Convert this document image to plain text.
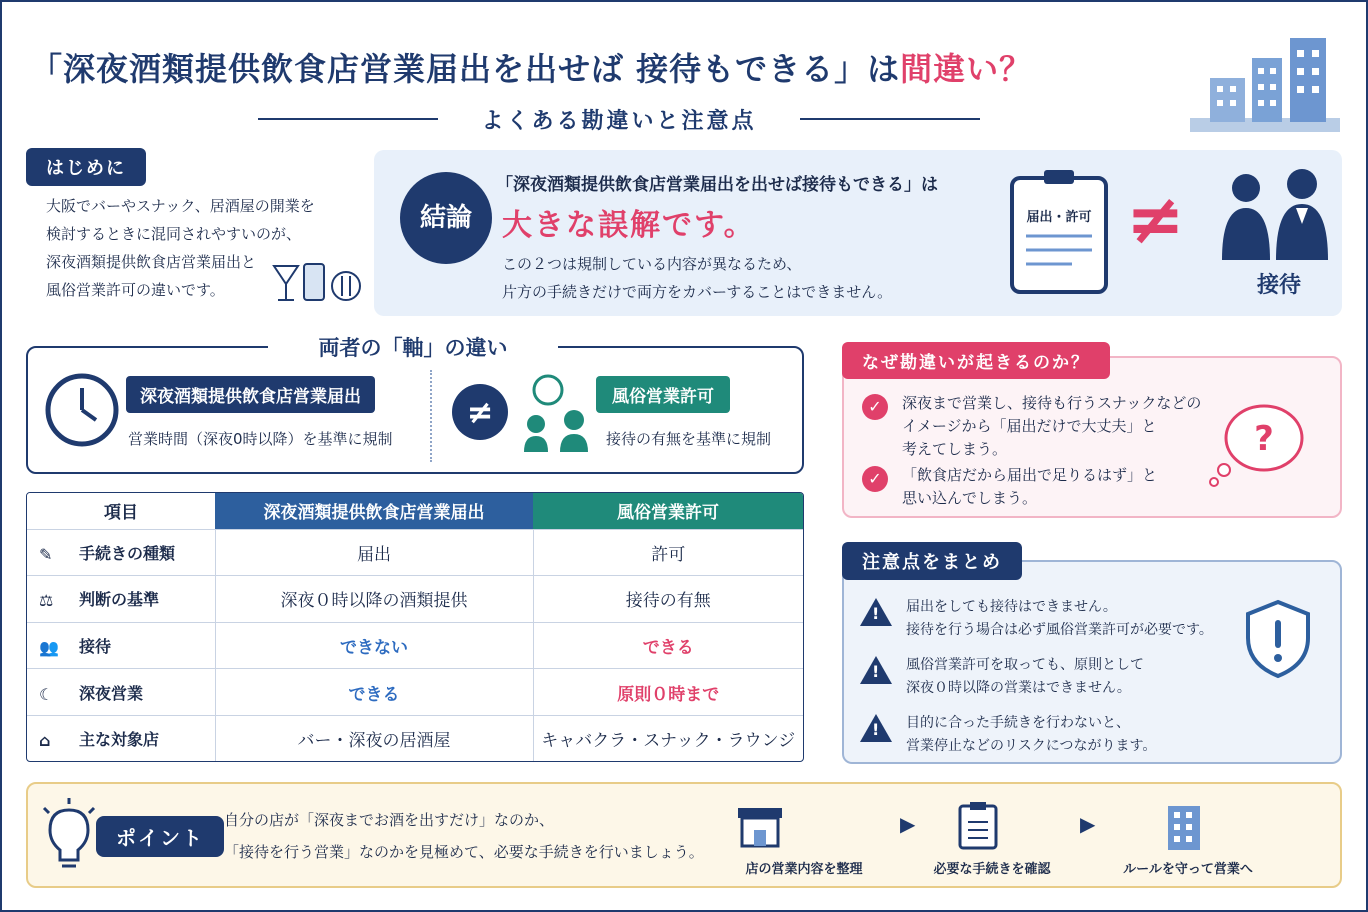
「深夜酒類提供飲食店営業届出を出せば 接待もできる」は間違い？
よくある勘違いと注意点
はじめに
大阪でバーやスナック、居酒屋の開業を
検討するときに混同されやすいのが、
深夜酒類提供飲食店営業届出と
風俗営業許可の違いです。
結論
「深夜酒類提供飲食店営業届出を出せば接待もできる」は
大きな誤解です。
この２つは規制している内容が異なるため、
片方の手続きだけで両方をカバーすることはできません。
届出・許可 ≠
接待
両者の「軸」の違い
深夜酒類提供飲食店営業届出
営業時間（深夜0時以降）を基準に規制
≠	風俗営業許可
接待の有無を基準に規制
項目	深夜酒類提供飲食店営業届出	風俗営業許可
✎ 手続きの種類	届出	許可
⚖ 判断の基準	深夜０時以降の酒類提供	接待の有無
👥 接待	できない	できる
☾ 深夜営業	できる	原則０時まで
⌂ 主な対象店	バー・深夜の居酒屋	キャバクラ・スナック・ラウンジ
なぜ勘違いが起きるのか？
✓	深夜まで営業し、接待も行うスナックなどの
イメージから「届出だけで大丈夫」と
考えてしまう。
✓	「飲食店だから届出で足りるはず」と
思い込んでしまう。
?
注意点をまとめ
!
届出をしても接待はできません。
接待を行う場合は必ず風俗営業許可が必要です。
!
風俗営業許可を取っても、原則として
深夜０時以降の営業はできません。
!
目的に合った手続きを行わないと、
営業停止などのリスクにつながります。
ポイント
自分の店が「深夜までお酒を出すだけ」なのか、
「接待を行う営業」なのかを見極めて、必要な手続きを行いましょう。
▶	▶
店の営業内容を整理	必要な手続きを確認	ルールを守って営業へ
